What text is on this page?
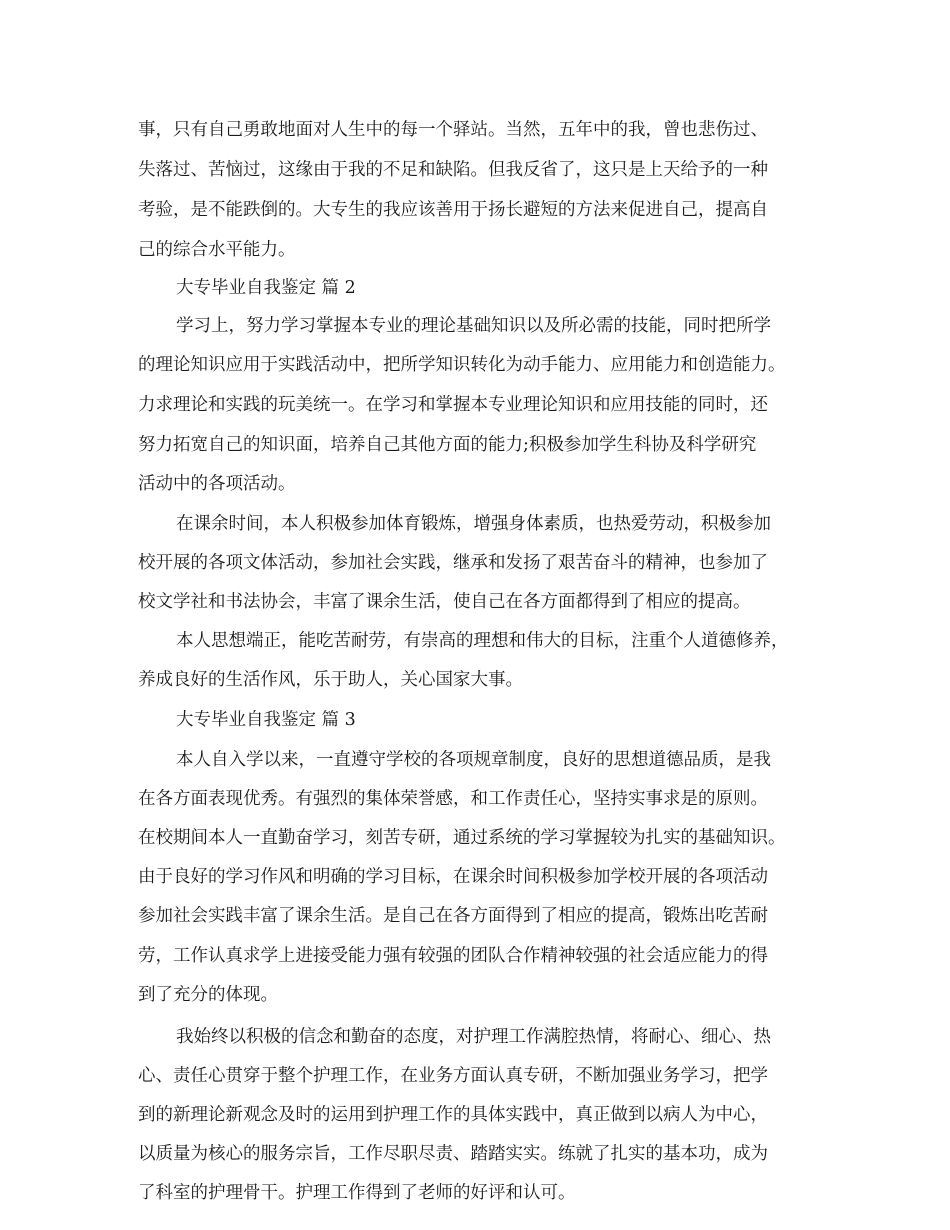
事，只有自己勇敢地面对人生中的每一个驿站。当然，五年中的我，曾也悲伤过、
失落过、苦恼过，这缘由于我的不足和缺陷。但我反省了，这只是上天给予的一种
考验，是不能跌倒的。大专生的我应该善用于扬长避短的方法来促进自己，提高自
己的综合水平能力。
大专毕业自我鉴定 篇 2
学习上，努力学习掌握本专业的理论基础知识以及所必需的技能，同时把所学
的理论知识应用于实践活动中，把所学知识转化为动手能力、应用能力和创造能力。
力求理论和实践的玩美统一。在学习和掌握本专业理论知识和应用技能的同时，还
努力拓宽自己的知识面，培养自己其他方面的能力;积极参加学生科协及科学研究
活动中的各项活动。
在课余时间，本人积极参加体育锻炼，增强身体素质，也热爱劳动，积极参加
校开展的各项文体活动，参加社会实践，继承和发扬了艰苦奋斗的精神，也参加了
校文学社和书法协会，丰富了课余生活，使自己在各方面都得到了相应的提高。
本人思想端正，能吃苦耐劳，有崇高的理想和伟大的目标，注重个人道德修养，
养成良好的生活作风，乐于助人，关心国家大事。
大专毕业自我鉴定 篇 3
本人自入学以来，一直遵守学校的各项规章制度，良好的思想道德品质，是我
在各方面表现优秀。有强烈的集体荣誉感，和工作责任心，坚持实事求是的原则。
在校期间本人一直勤奋学习，刻苦专研，通过系统的学习掌握较为扎实的基础知识。
由于良好的学习作风和明确的学习目标，在课余时间积极参加学校开展的各项活动
参加社会实践丰富了课余生活。是自己在各方面得到了相应的提高，锻炼出吃苦耐
劳，工作认真求学上进接受能力强有较强的团队合作精神较强的社会适应能力的得
到了充分的体现。
我始终以积极的信念和勤奋的态度，对护理工作满腔热情，将耐心、细心、热
心、责任心贯穿于整个护理工作，在业务方面认真专研，不断加强业务学习，把学
到的新理论新观念及时的运用到护理工作的具体实践中，真正做到以病人为中心，
以质量为核心的服务宗旨，工作尽职尽责、踏踏实实。练就了扎实的基本功，成为
了科室的护理骨干。护理工作得到了老师的好评和认可。
